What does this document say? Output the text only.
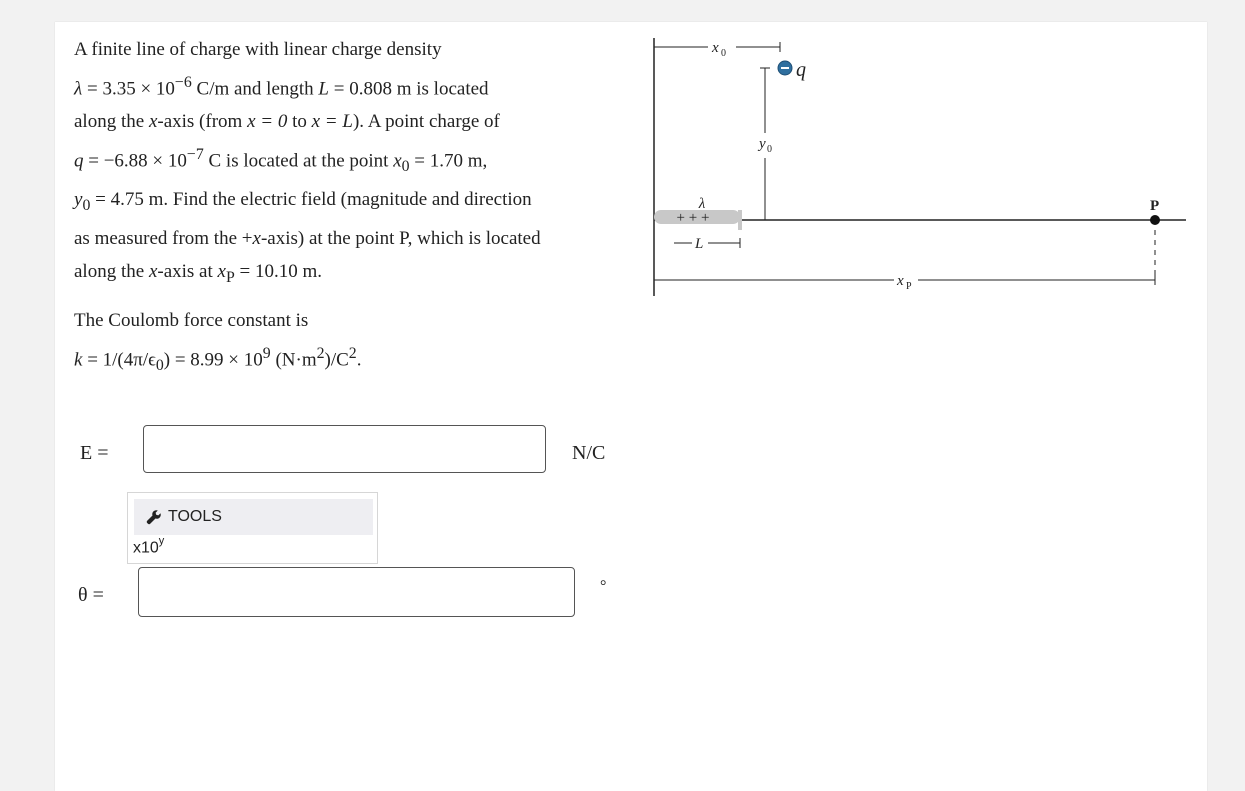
A finite line of charge with linear charge density
$\lambda = 3.35 \times 10^{-6}$ C/m and length L = 0.808 m is located
along the x-axis (from x = 0 to x = L). A point charge of
$q = -6.88 \times 10^{-7}$ C is located at the point $x_0 = 1.70$ m,
$y_0 = 4.75$ m. Find the electric field (magnitude and direction
as measured from the +x-axis) at the point P, which is located
along the x-axis at $x_P = 10.10$ m.
The Coulomb force constant is
$k = 1/(4\pi/\epsilon_0) = 8.99 \times 10^9$ $(N\cdot m^2)/C^2$.
E =	N/C
TOOLS
x10$^y$
θ =	°
x 0
y 0
q
λ
+ + +
L
P
x P
